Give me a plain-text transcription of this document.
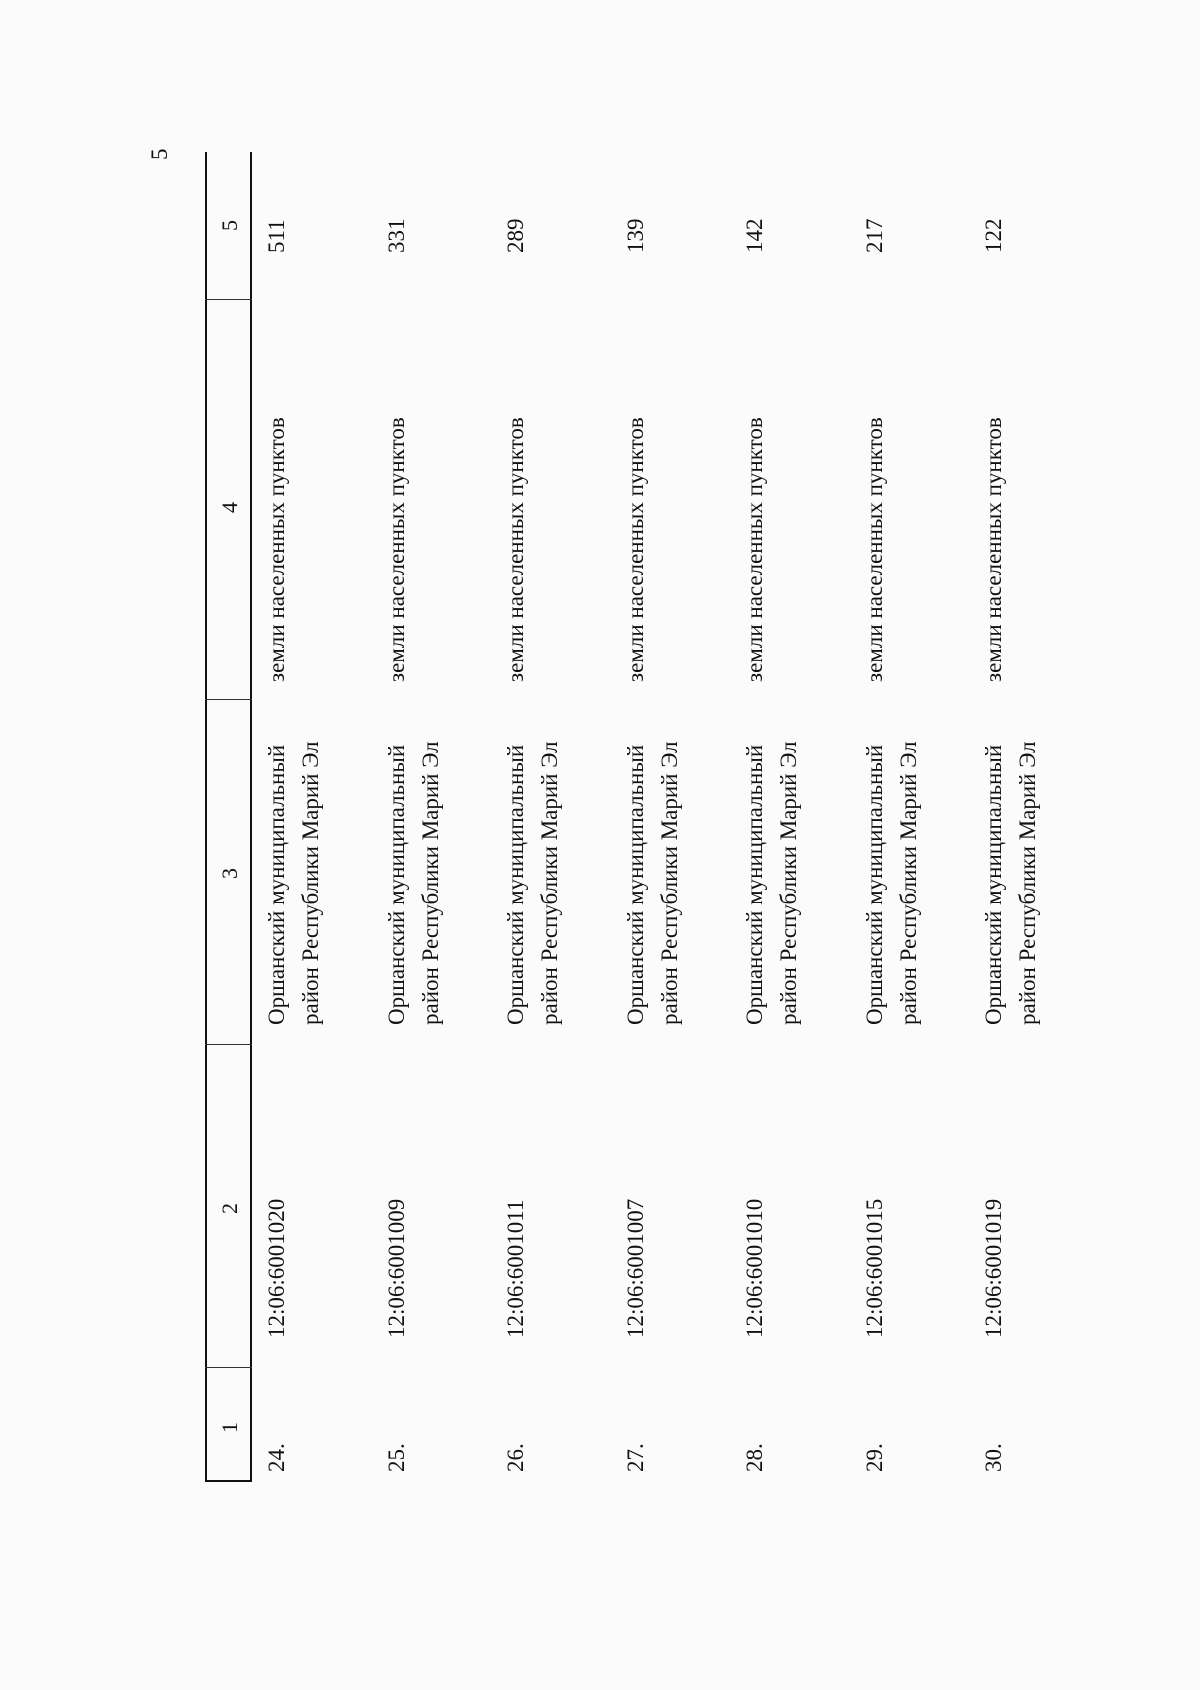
5
1
2
3
4
5
24.
12:06:6001020
Оршанский муниципальный район Республики Марий Эл
земли населенных пунктов
511
25.
12:06:6001009
Оршанский муниципальный район Республики Марий Эл
земли населенных пунктов
331
26.
12:06:6001011
Оршанский муниципальный район Республики Марий Эл
земли населенных пунктов
289
27.
12:06:6001007
Оршанский муниципальный район Республики Марий Эл
земли населенных пунктов
139
28.
12:06:6001010
Оршанский муниципальный район Республики Марий Эл
земли населенных пунктов
142
29.
12:06:6001015
Оршанский муниципальный район Республики Марий Эл
земли населенных пунктов
217
30.
12:06:6001019
Оршанский муниципальный район Республики Марий Эл
земли населенных пунктов
122
